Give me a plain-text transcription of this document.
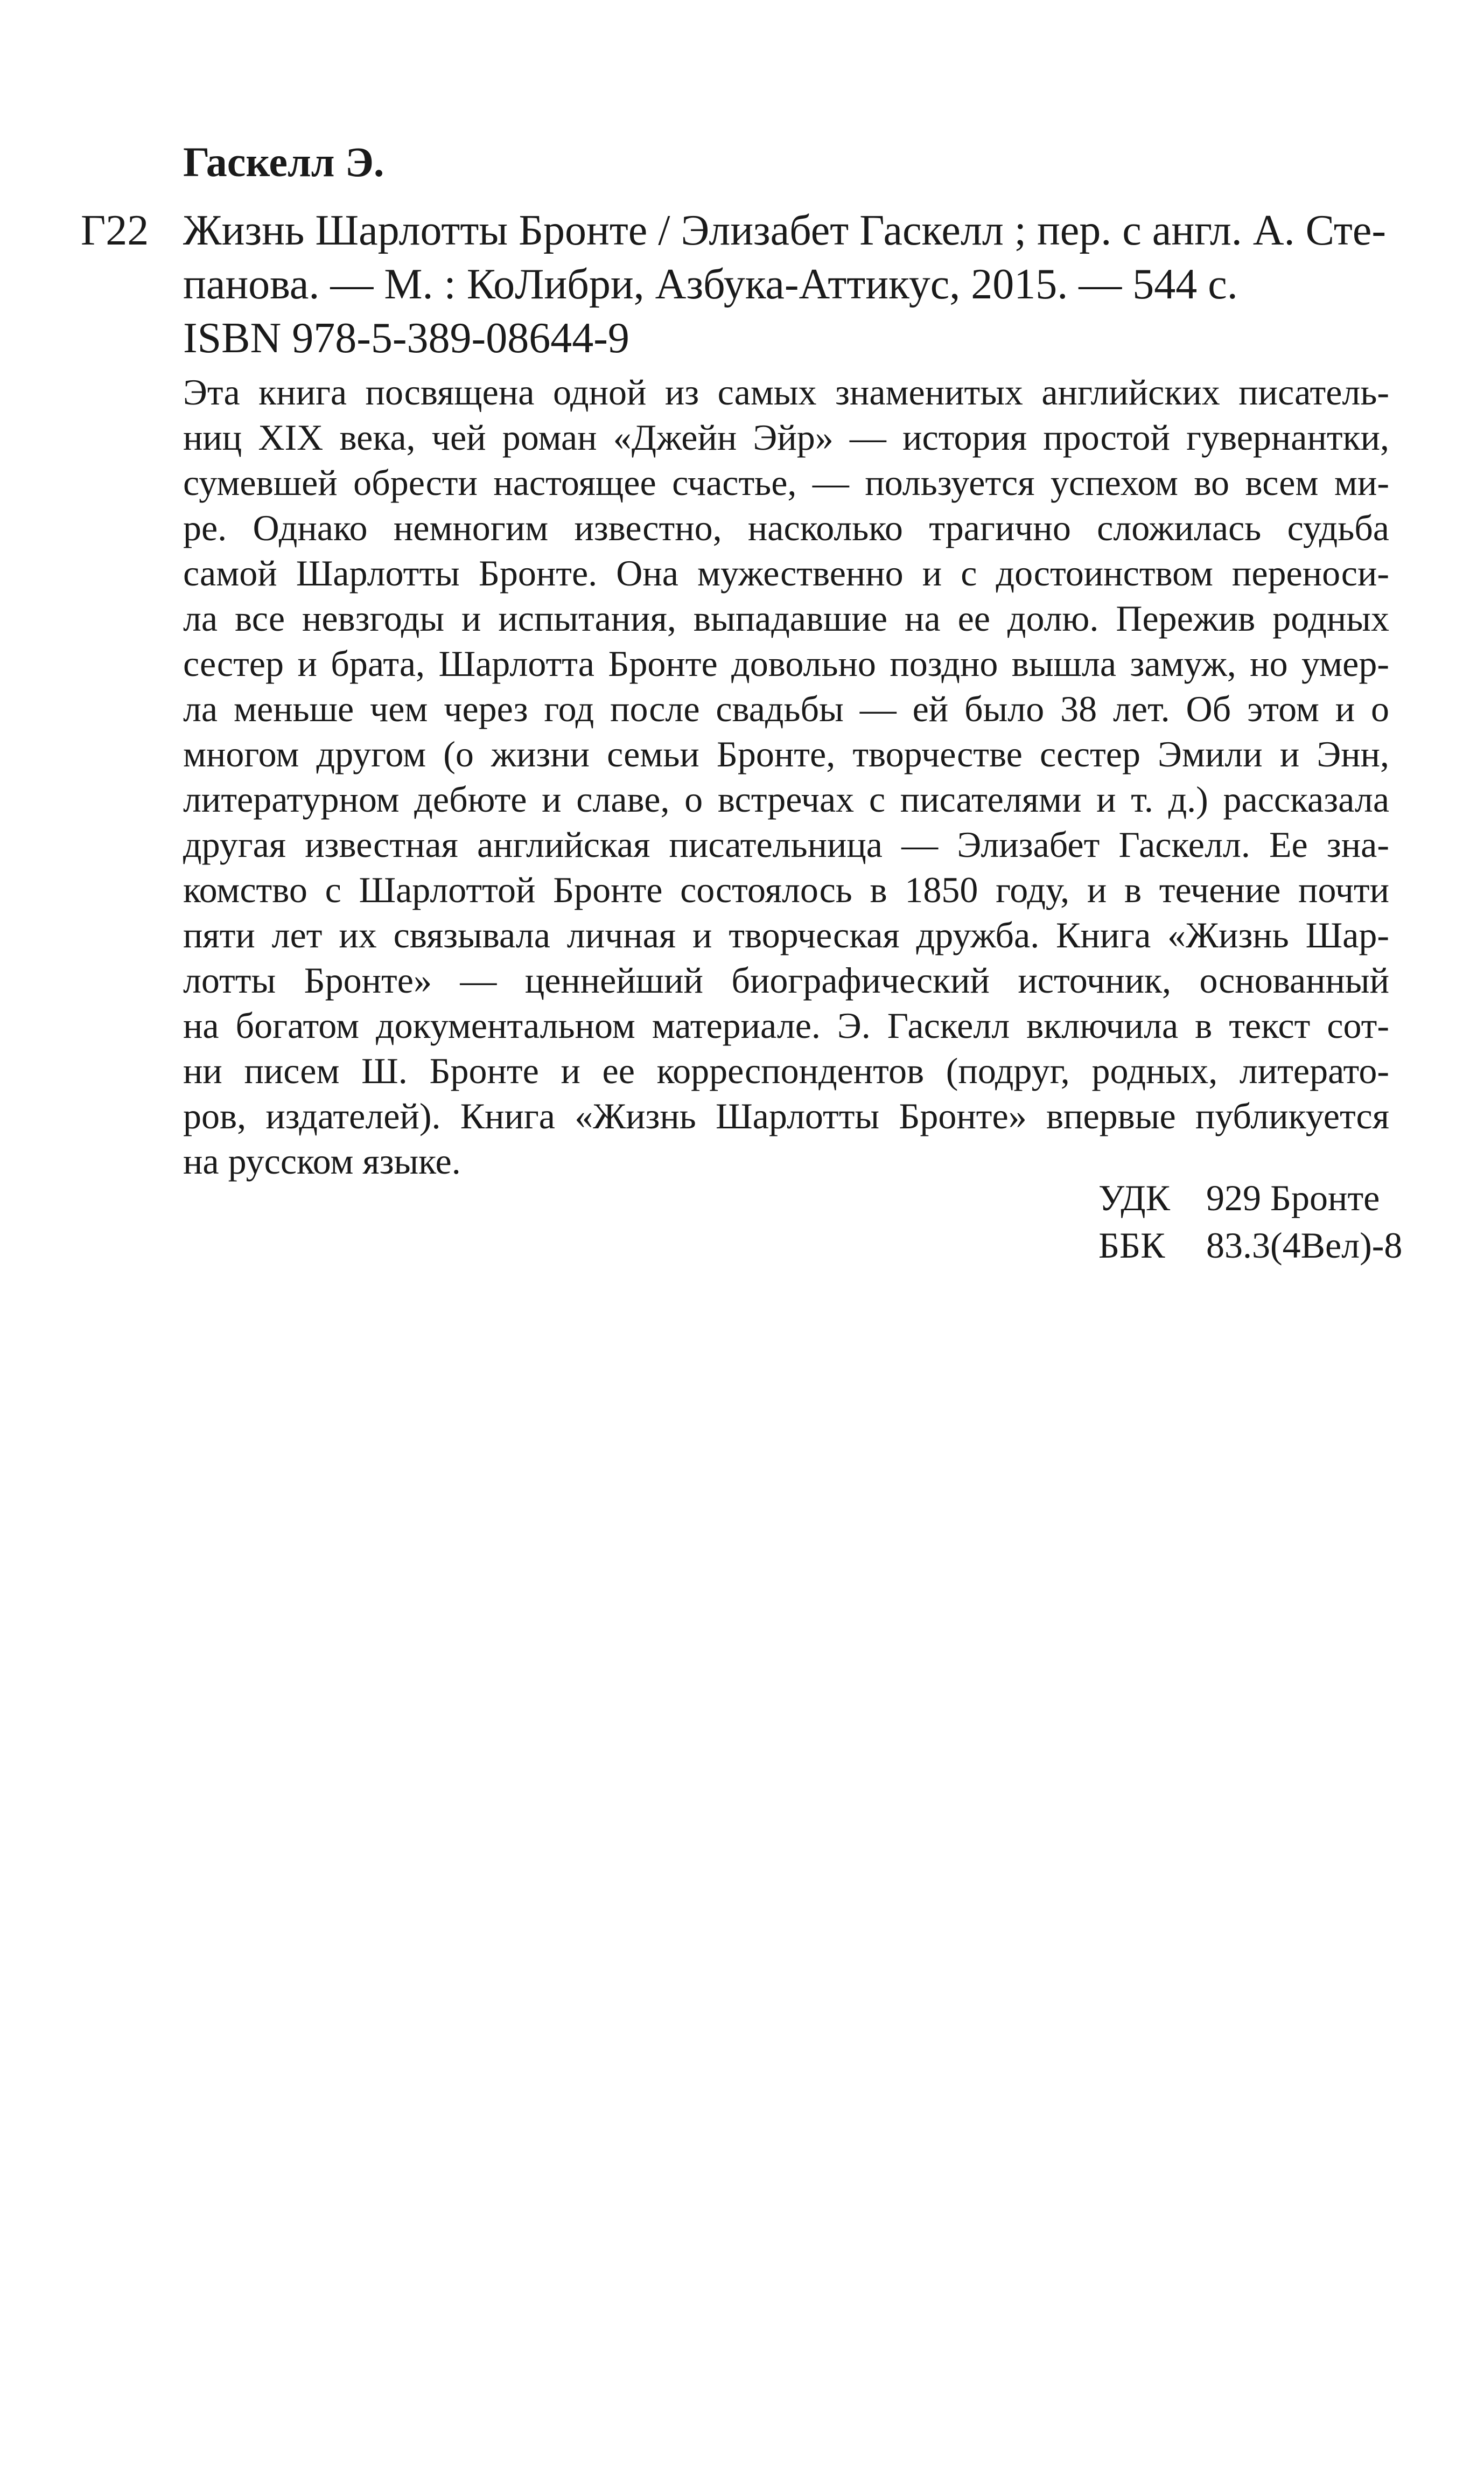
Гаскелл Э.
Г22 Жизнь Шарлотты Бронте / Элизабет Гаскелл ; пер. с англ. А. Сте-
панова. — М. : КоЛибри, Азбука-Аттикус, 2015. — 544 с.
ISBN 978-5-389-08644-9
Эта книга посвящена одной из самых знаменитых английских писатель-
ниц XIX века, чей роман «Джейн Эйр» — история простой гувернантки,
сумевшей обрести настоящее счастье, — пользуется успехом во всем ми-
ре. Однако немногим известно, насколько трагично сложилась судьба
самой Шарлотты Бронте. Она мужественно и с достоинством переноси-
ла все невзгоды и испытания, выпадавшие на ее долю. Пережив родных
сестер и брата, Шарлотта Бронте довольно поздно вышла замуж, но умер-
ла меньше чем через год после свадьбы — ей было 38 лет. Об этом и о
многом другом (о жизни семьи Бронте, творчестве сестер Эмили и Энн,
литературном дебюте и славе, о встречах с писателями и т. д.) рассказала
другая известная английская писательница — Элизабет Гаскелл. Ее зна-
комство с Шарлоттой Бронте состоялось в 1850 году, и в течение почти
пяти лет их связывала личная и творческая дружба. Книга «Жизнь Шар-
лотты Бронте» — ценнейший биографический источник, основанный
на богатом документальном материале. Э. Гаскелл включила в текст сот-
ни писем Ш. Бронте и ее корреспондентов (подруг, родных, литерато-
ров, издателей). Книга «Жизнь Шарлотты Бронте» впервые публикуется
на русском языке.
УДК 929 Бронте
ББК 83.3(4Вел)-8
